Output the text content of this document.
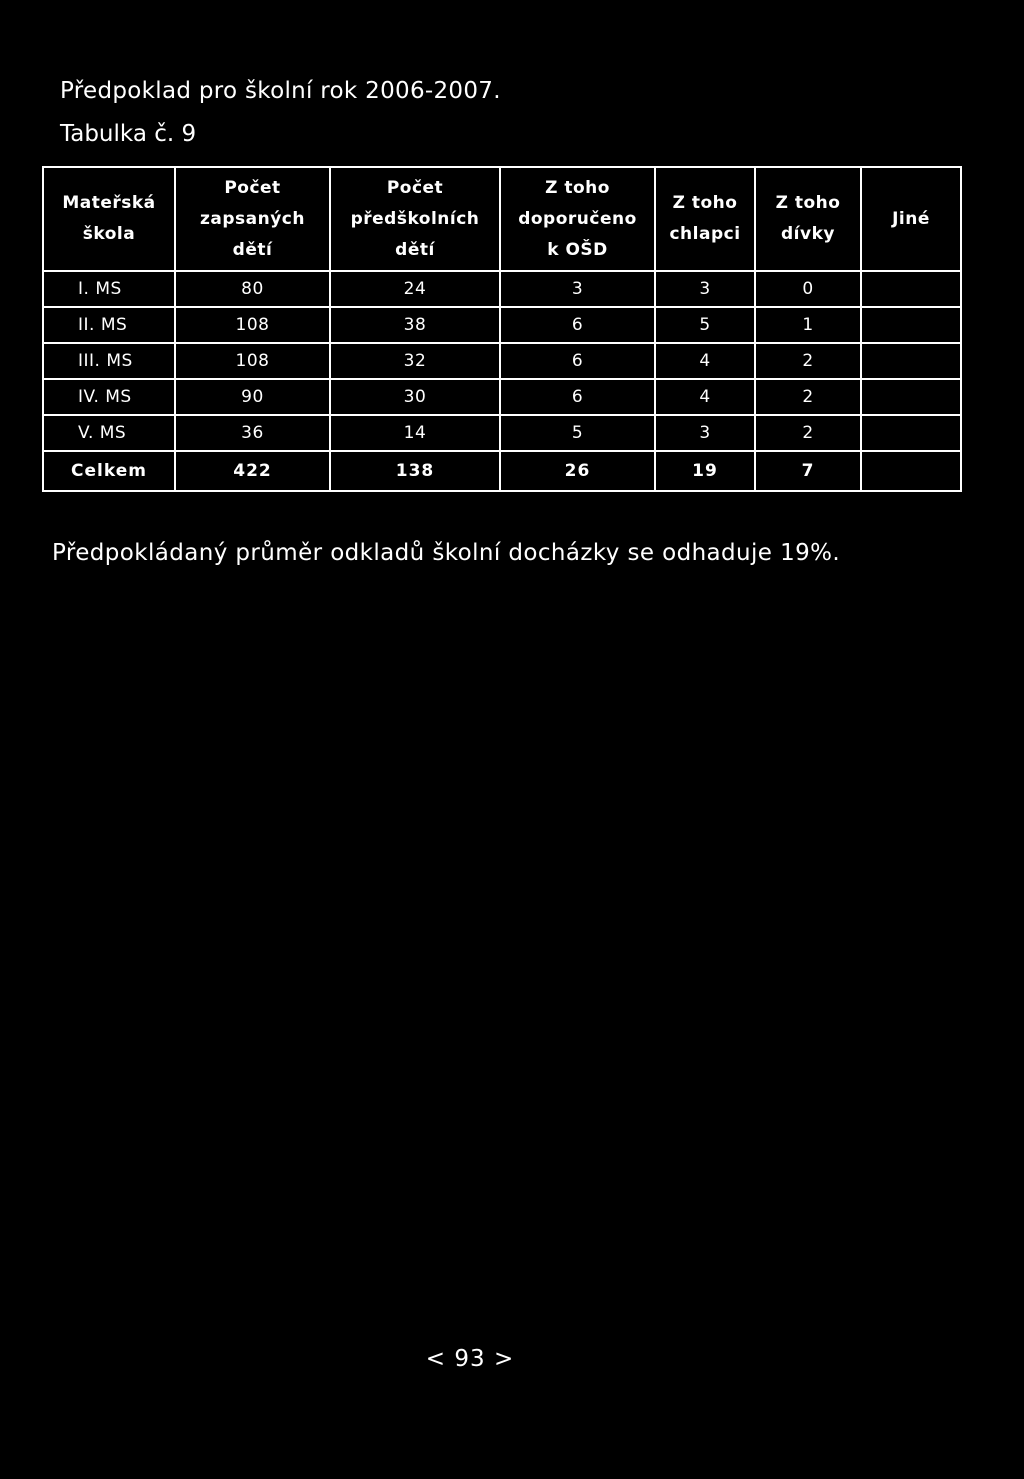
Předpoklad pro školní rok 2006-2007.
Tabulka č. 9
Mateřská
škola	Počet
zapsaných
dětí	Počet
předškolních
dětí	Z toho
doporučeno
k OŠD	Z toho
chlapci	Z toho
dívky	Jiné

I. MS	80	24	3	3	0	
II. MS	108	38	6	5	1	
III. MS	108	32	6	4	2	
IV. MS	90	30	6	4	2	
V. MS	36	14	5	3	2	
Celkem	422	138	26	19	7	
Předpokládaný průměr odkladů školní docházky se odhaduje 19%.
< 93 >
